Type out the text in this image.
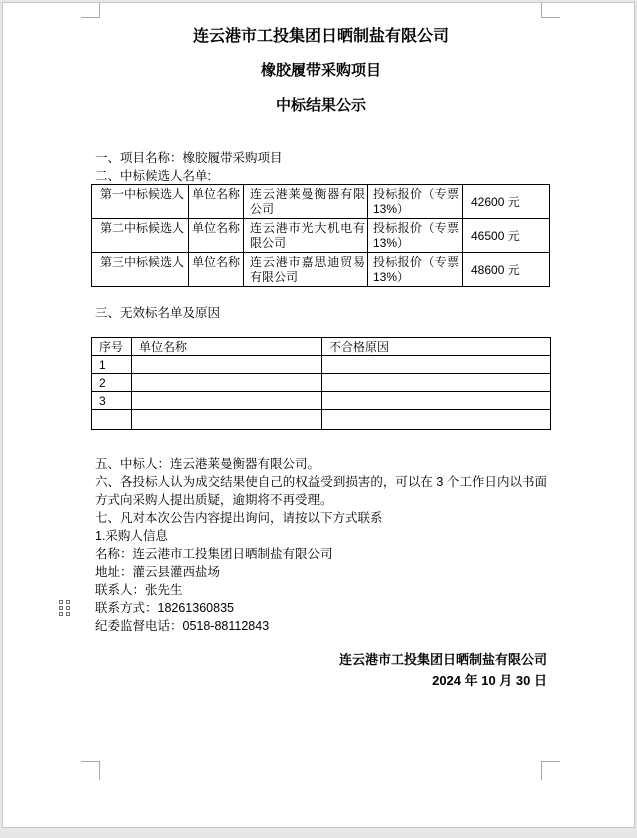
连云港市工投集团日晒制盐有限公司
橡胶履带采购项目
中标结果公示
一、项目名称：橡胶履带采购项目
二、中标候选人名单:
第一中标候选人	单位名称	连云港莱曼衡器有限公司	投标报价（专票 13%）	42600 元
第二中标候选人	单位名称	连云港市光大机电有限公司	投标报价（专票 13%）	46500 元
第三中标候选人	单位名称	连云港市嘉思迪贸易有限公司	投标报价（专票 13%）	48600 元
三、无效标名单及原因
序号	单位名称	不合格原因
1		
2		
3		

五、中标人：连云港莱曼衡器有限公司。
六、各投标人认为成交结果使自己的权益受到损害的，可以在 3 个工作日内以书面方式向采购人提出质疑，逾期将不再受理。
七、凡对本次公告内容提出询问，请按以下方式联系
1.采购人信息
名称：连云港市工投集团日晒制盐有限公司
地址：灌云县灌西盐场
联系人：张先生
联系方式：18261360835
纪委监督电话：0518-88112843
连云港市工投集团日晒制盐有限公司
2024 年 10 月 30 日
